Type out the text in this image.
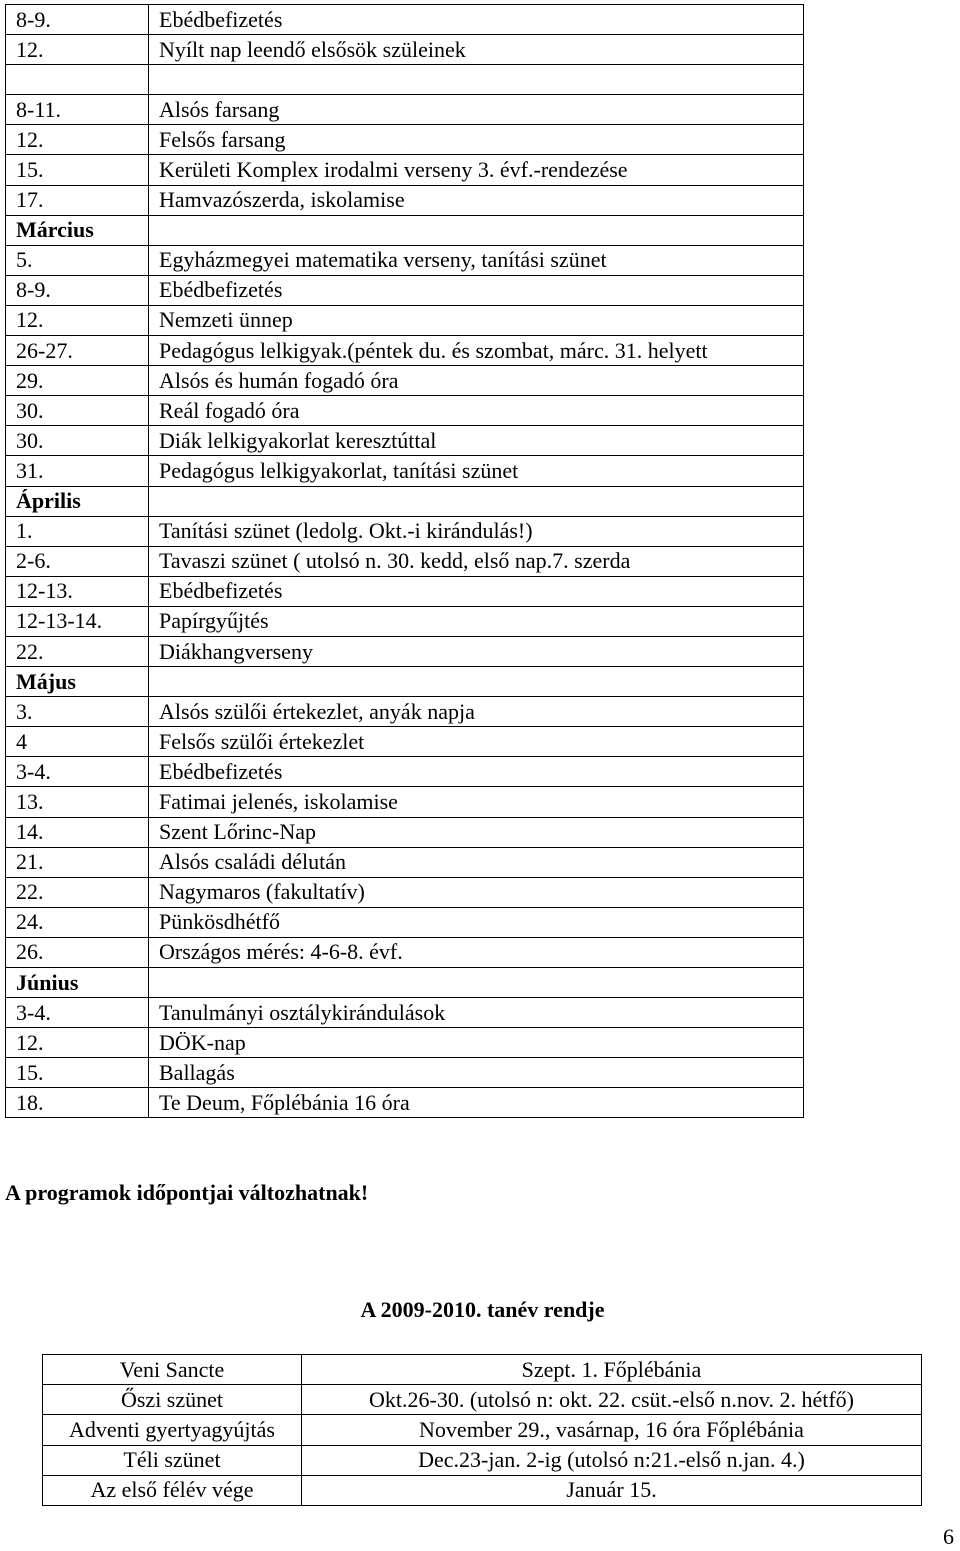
8-9.	Ebédbefizetés
12.	Nyílt nap leendő elsősök szüleinek

8-11.	Alsós farsang
12.	Felsős farsang
15.	Kerületi Komplex irodalmi verseny 3. évf.-rendezése
17.	Hamvazószerda, iskolamise
Március	
5.	Egyházmegyei matematika verseny, tanítási szünet
8-9.	Ebédbefizetés
12.	Nemzeti ünnep
26-27.	Pedagógus lelkigyak.(péntek du. és szombat, márc. 31. helyett
29.	Alsós és humán fogadó óra
30.	Reál fogadó óra
30.	Diák lelkigyakorlat keresztúttal
31.	Pedagógus lelkigyakorlat, tanítási szünet
Április	
1.	Tanítási szünet (ledolg. Okt.-i kirándulás!)
2-6.	Tavaszi szünet ( utolsó n. 30. kedd, első nap.7. szerda
12-13.	Ebédbefizetés
12-13-14.	Papírgyűjtés
22.	Diákhangverseny
Május	
3.	Alsós szülői értekezlet, anyák napja
4	Felsős szülői értekezlet
3-4.	Ebédbefizetés
13.	Fatimai jelenés, iskolamise
14.	Szent Lőrinc-Nap
21.	Alsós családi délután
22.	Nagymaros (fakultatív)
24.	Pünkösdhétfő
26.	Országos mérés: 4-6-8. évf.
Június	
3-4.	Tanulmányi osztálykirándulások
12.	DÖK-nap
15.	Ballagás
18.	Te Deum, Főplébánia 16 óra
A programok időpontjai változhatnak!
A 2009-2010. tanév rendje
Veni Sancte	Szept. 1. Főplébánia
Őszi szünet	Okt.26-30. (utolsó n: okt. 22. csüt.-első n.nov. 2. hétfő)
Adventi gyertyagyújtás	November 29., vasárnap, 16 óra Főplébánia
Téli szünet	Dec.23-jan. 2-ig (utolsó n:21.-első n.jan. 4.)
Az első félév vége	Január 15.
6
